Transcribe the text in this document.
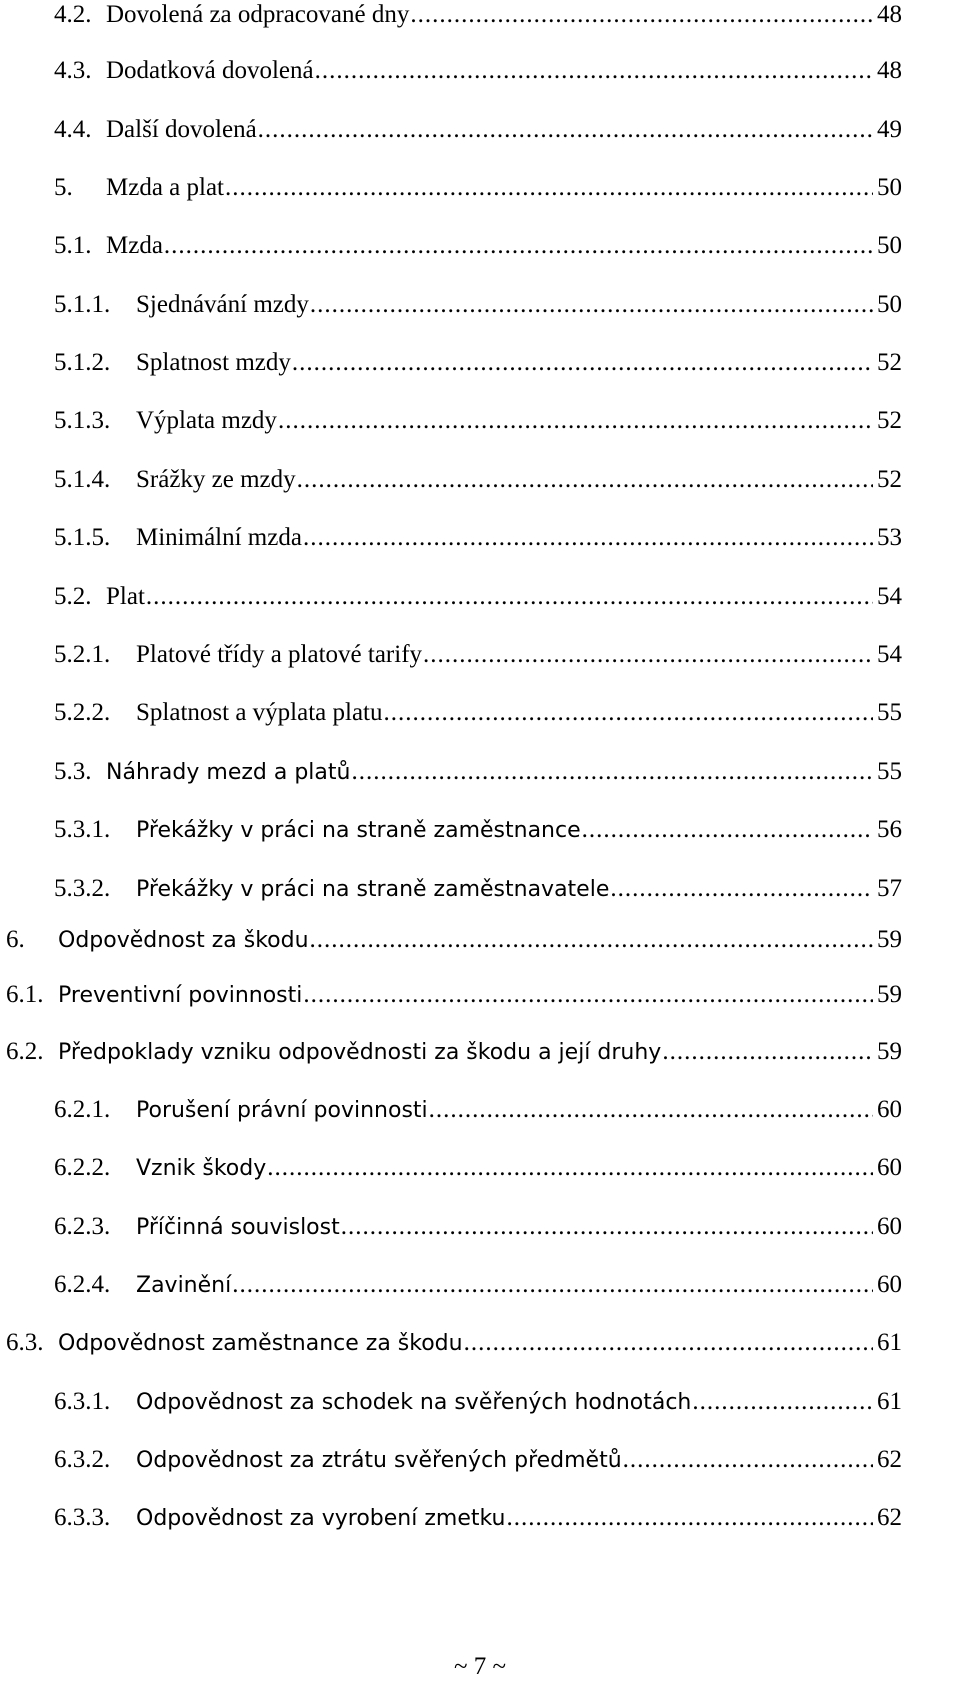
4.2. Dovolená za odpracované dny .....	48
4.3. Dodatková dovolená .....	48
4.4. Další dovolená .....	49
5.	Mzda a plat .....	50
5.1. Mzda .....	50
5.1.1.	Sjednávání mzdy .....	50
5.1.2.	Splatnost mzdy .....	52
5.1.3.	Výplata mzdy .....	52
5.1.4.	Srážky ze mzdy .....	52
5.1.5.	Minimální mzda .....	53
5.2. Plat .....	54
5.2.1.	Platové třídy a platové tarify .....	54
5.2.2.	Splatnost a výplata platu .....	55
5.3. Náhrady mezd a platů .....	55
5.3.1.	Překážky v práci na straně zaměstnance .....	56
5.3.2.	Překážky v práci na straně zaměstnavatele .....	57
6.	Odpovědnost za škodu .....	59
6.1. Preventivní povinnosti .....	59
6.2. Předpoklady vzniku odpovědnosti za škodu a její druhy .....	59
6.2.1.	Porušení právní povinnosti .....	60
6.2.2.	Vznik škody .....	60
6.2.3.	Příčinná souvislost .....	60
6.2.4.	Zavinění .....	60
6.3. Odpovědnost zaměstnance za škodu .....	61
6.3.1.	Odpovědnost za schodek na svěřených hodnotách .....	61
6.3.2.	Odpovědnost za ztrátu svěřených předmětů .....	62
6.3.3.	Odpovědnost za vyrobení zmetku .....	62
~ 7 ~
